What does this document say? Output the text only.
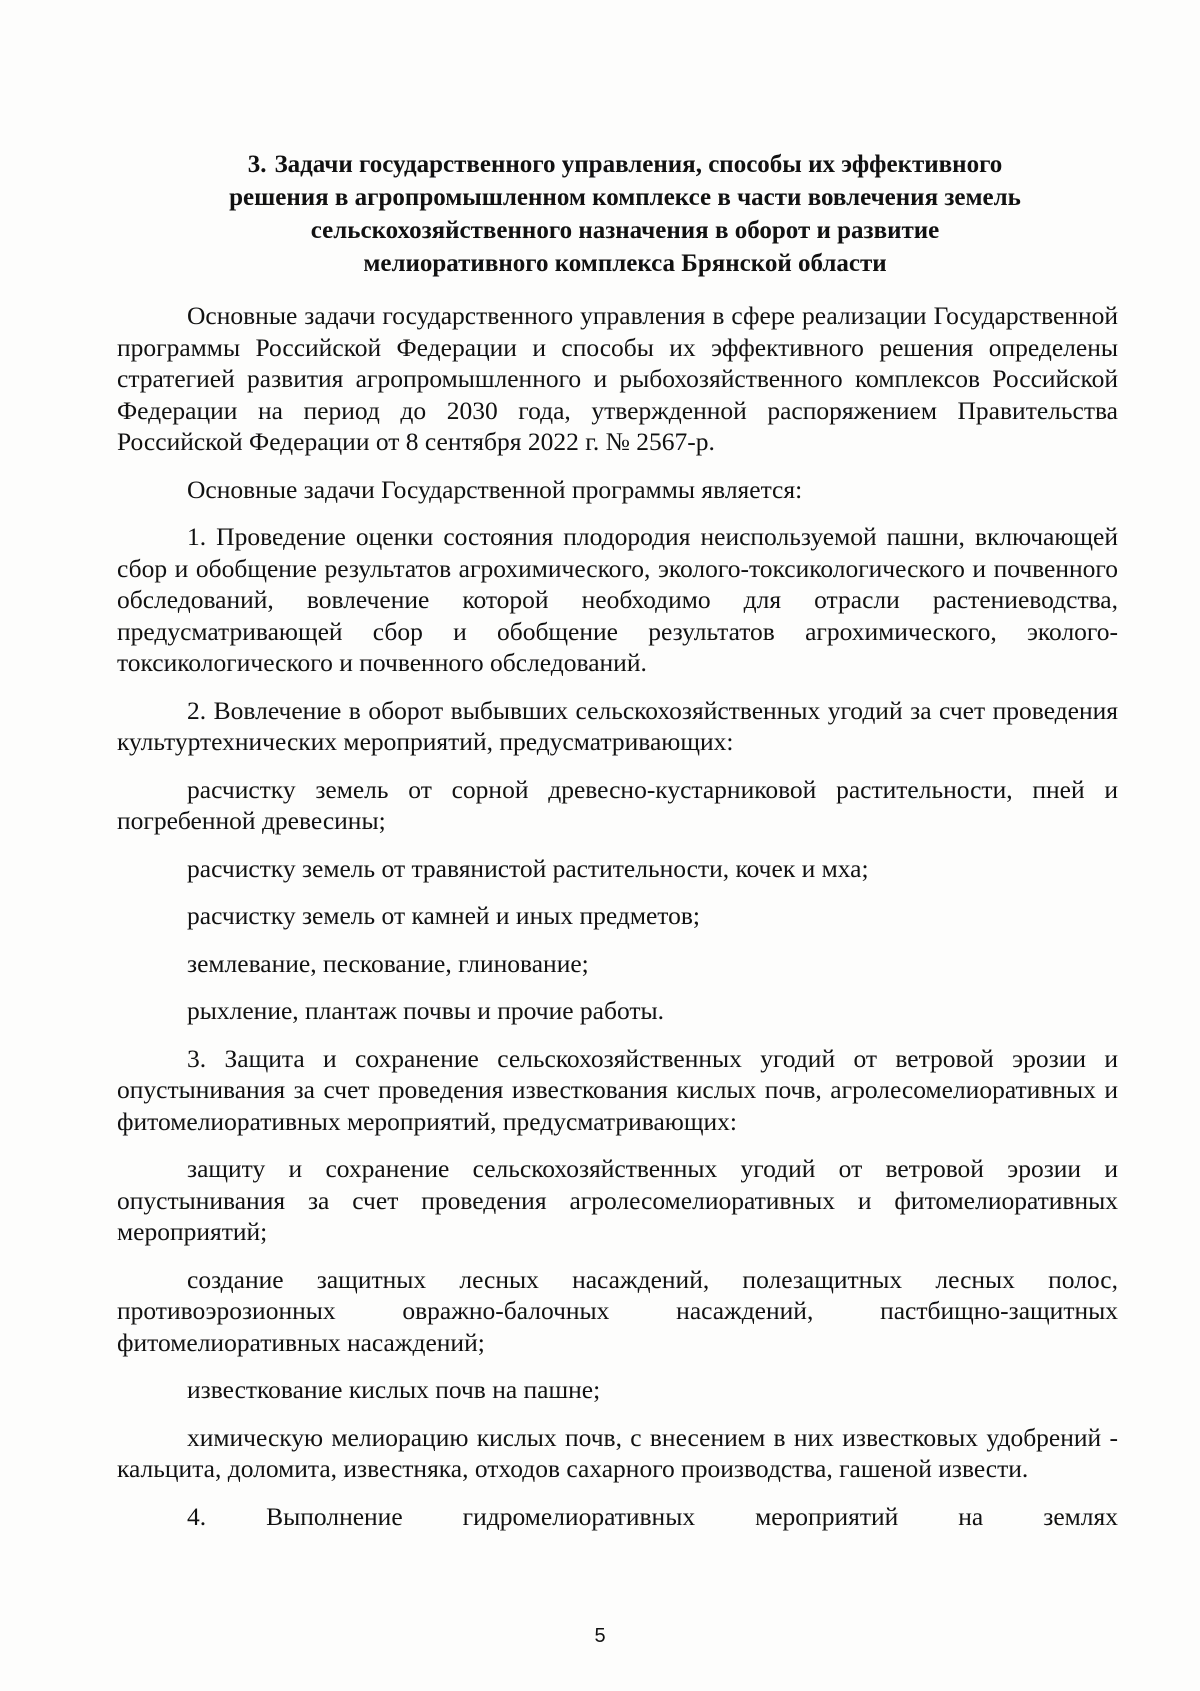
3. Задачи государственного управления, способы их эффективного
решения в агропромышленном комплексе в части вовлечения земель
сельскохозяйственного назначения в оборот и развитие
мелиоративного комплекса Брянской области

Основные задачи государственного управления в сфере реализации Государственной программы Российской Федерации и способы их эффективного решения определены стратегией развития агропромышленного и рыбохозяйственного комплексов Российской Федерации на период до 2030 года, утвержденной распоряжением Правительства Российской Федерации от 8 сентября 2022 г. № 2567-р.

Основные задачи Государственной программы является:

1. Проведение оценки состояния плодородия неиспользуемой пашни, включающей сбор и обобщение результатов агрохимического, эколого-токсикологического и почвенного обследований, вовлечение которой необходимо для отрасли растениеводства, предусматривающей сбор и обобщение результатов агрохимического, эколого-токсикологического и почвенного обследований.

2. Вовлечение в оборот выбывших сельскохозяйственных угодий за счет проведения культуртехнических мероприятий, предусматривающих:

расчистку земель от сорной древесно-кустарниковой растительности, пней и погребенной древесины;

расчистку земель от травянистой растительности, кочек и мха;

расчистку земель от камней и иных предметов;

землевание, пескование, глинование;

рыхление, плантаж почвы и прочие работы.

3. Защита и сохранение сельскохозяйственных угодий от ветровой эрозии и опустынивания за счет проведения известкования кислых почв, агролесомелиоративных и фитомелиоративных мероприятий, предусматривающих:

защиту и сохранение сельскохозяйственных угодий от ветровой эрозии и опустынивания за счет проведения агролесомелиоративных и фитомелиоративных мероприятий;

создание защитных лесных насаждений, полезащитных лесных полос, противоэрозионных овражно-балочных насаждений, пастбищно-защитных фитомелиоративных насаждений;

известкование кислых почв на пашне;

химическую мелиорацию кислых почв, с внесением в них известковых удобрений - кальцита, доломита, известняка, отходов сахарного производства, гашеной извести.

4. Выполнение гидромелиоративных мероприятий на землях

5
